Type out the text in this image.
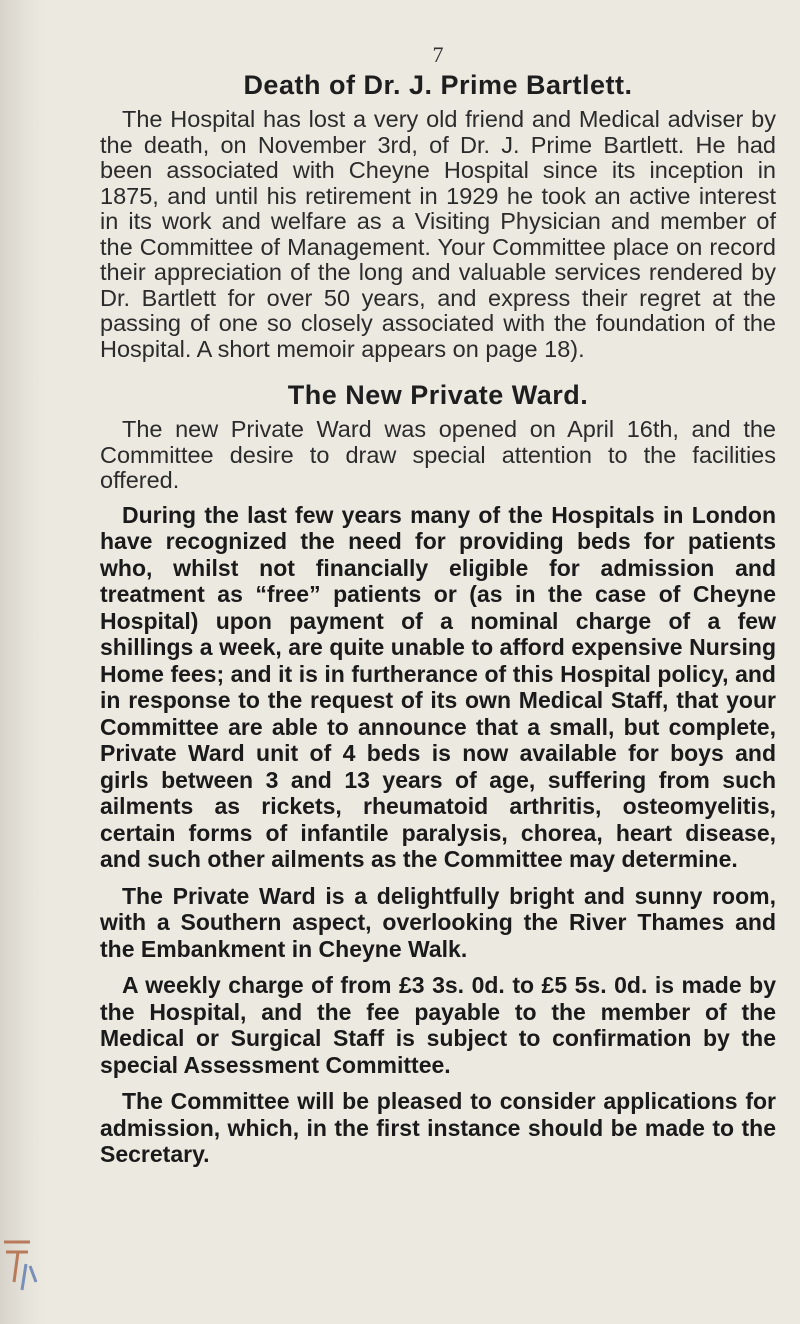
7
Death of Dr. J. Prime Bartlett.

The Hospital has lost a very old friend and Medical adviser by the death, on November 3rd, of Dr. J. Prime Bartlett. He had been associated with Cheyne Hospital since its inception in 1875, and until his retirement in 1929 he took an active interest in its work and welfare as a Visiting Physician and member of the Committee of Management. Your Committee place on record their appreciation of the long and valuable services rendered by Dr. Bartlett for over 50 years, and express their regret at the passing of one so closely associated with the foundation of the Hospital. A short memoir appears on page 18).

The New Private Ward.

The new Private Ward was opened on April 16th, and the Committee desire to draw special attention to the facilities offered.

During the last few years many of the Hospitals in London have recognized the need for providing beds for patients who, whilst not financially eligible for admission and treatment as “free” patients or (as in the case of Cheyne Hospital) upon payment of a nominal charge of a few shillings a week, are quite unable to afford expensive Nursing Home fees; and it is in furtherance of this Hospital policy, and in response to the request of its own Medical Staff, that your Committee are able to announce that a small, but complete, Private Ward unit of 4 beds is now available for boys and girls between 3 and 13 years of age, suffering from such ailments as rickets, rheumatoid arthritis, osteomyelitis, certain forms of infantile paralysis, chorea, heart disease, and such other ailments as the Committee may determine.

The Private Ward is a delightfully bright and sunny room, with a Southern aspect, overlooking the River Thames and the Embankment in Cheyne Walk.

A weekly charge of from £3 3s. 0d. to £5 5s. 0d. is made by the Hospital, and the fee payable to the member of the Medical or Surgical Staff is subject to confirmation by the special Assessment Committee.

The Committee will be pleased to consider applications for admission, which, in the first instance should be made to the Secretary.
